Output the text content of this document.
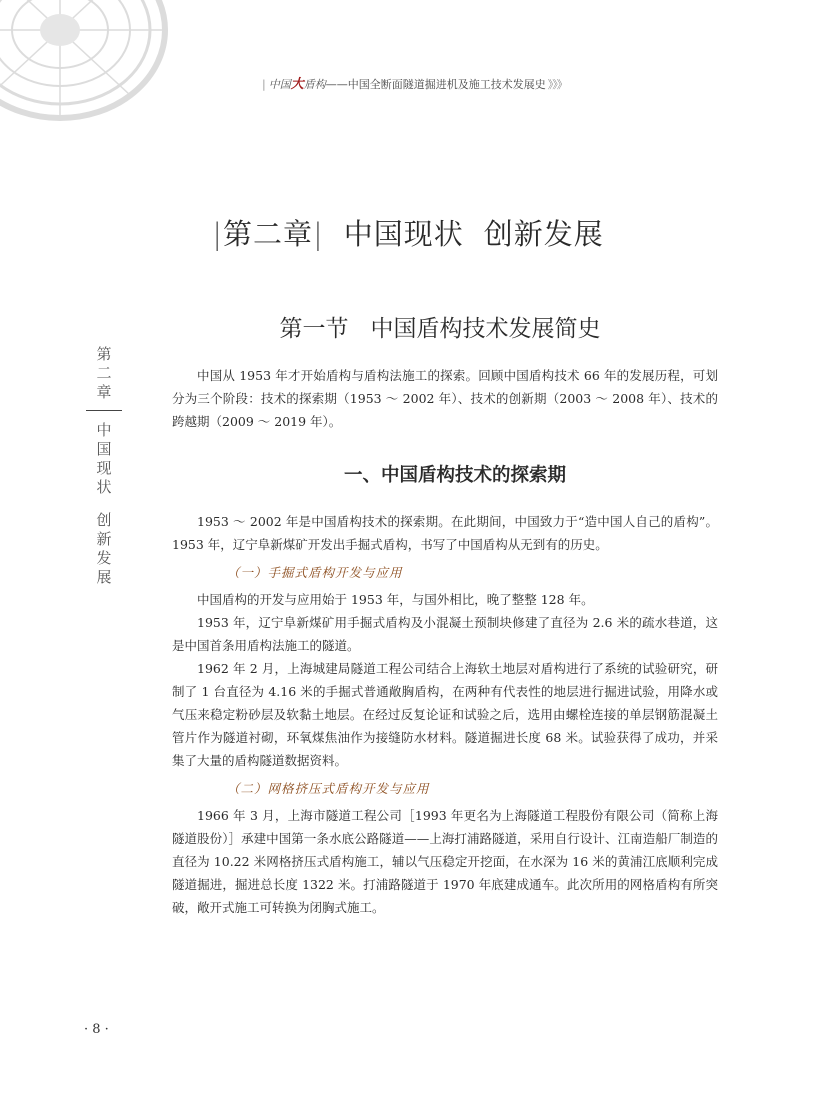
| 中国大盾构——中国全断面隧道掘进机及施工技术发展史 》》》
|第二章| 中国现状 创新发展
第一节 中国盾构技术发展简史
第二章
中国现状
创新发展

中国从 1953 年才开始盾构与盾构法施工的探索。回顾中国盾构技术 66 年的发展历程，可划分为三个阶段：技术的探索期（1953 ～ 2002 年）、技术的创新期（2003 ～ 2008 年）、技术的跨越期（2009 ～ 2019 年）。

一、中国盾构技术的探索期

1953 ～ 2002 年是中国盾构技术的探索期。在此期间，中国致力于“造中国人自己的盾构”。1953 年，辽宁阜新煤矿开发出手掘式盾构，书写了中国盾构从无到有的历史。

（一）手掘式盾构开发与应用

中国盾构的开发与应用始于 1953 年，与国外相比，晚了整整 128 年。

1953 年，辽宁阜新煤矿用手掘式盾构及小混凝土预制块修建了直径为 2.6 米的疏水巷道，这是中国首条用盾构法施工的隧道。

1962 年 2 月，上海城建局隧道工程公司结合上海软土地层对盾构进行了系统的试验研究，研制了 1 台直径为 4.16 米的手掘式普通敞胸盾构，在两种有代表性的地层进行掘进试验，用降水或气压来稳定粉砂层及软黏土地层。在经过反复论证和试验之后，选用由螺栓连接的单层钢筋混凝土管片作为隧道衬砌，环氧煤焦油作为接缝防水材料。隧道掘进长度 68 米。试验获得了成功，并采集了大量的盾构隧道数据资料。

（二）网格挤压式盾构开发与应用

1966 年 3 月，上海市隧道工程公司［1993 年更名为上海隧道工程股份有限公司（简称上海隧道股份）］承建中国第一条水底公路隧道——上海打浦路隧道，采用自行设计、江南造船厂制造的直径为 10.22 米网格挤压式盾构施工，辅以气压稳定开挖面，在水深为 16 米的黄浦江底顺利完成隧道掘进，掘进总长度 1322 米。打浦路隧道于 1970 年底建成通车。此次所用的网格盾构有所突破，敞开式施工可转换为闭胸式施工。

· 8 ·
